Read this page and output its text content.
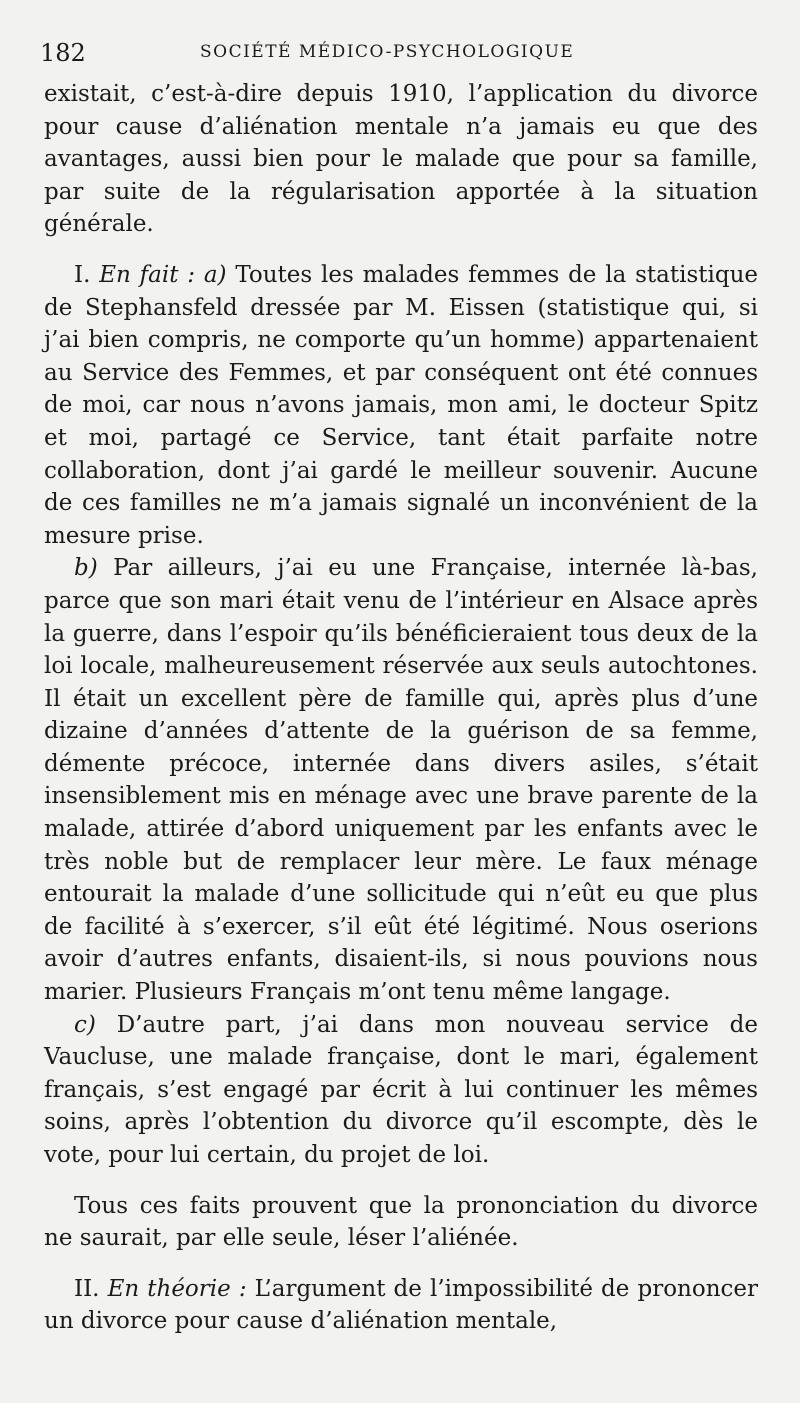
182	SOCIÉTÉ MÉDICO-PSYCHOLOGIQUE

existait, c’est-à-dire depuis 1910, l’application du divorce pour cause d’aliénation mentale n’a jamais eu que des avantages, aussi bien pour le malade que pour sa famille, par suite de la régularisation apportée à la situation générale.

I. En fait : a) Toutes les malades femmes de la statistique de Stephansfeld dressée par M. Eissen (statistique qui, si j’ai bien compris, ne comporte qu’un homme) appartenaient au Service des Femmes, et par conséquent ont été connues de moi, car nous n’avons jamais, mon ami, le docteur Spitz et moi, partagé ce Service, tant était parfaite notre collaboration, dont j’ai gardé le meilleur souvenir. Aucune de ces familles ne m’a jamais signalé un inconvénient de la mesure prise.

b) Par ailleurs, j’ai eu une Française, internée là-bas, parce que son mari était venu de l’intérieur en Alsace après la guerre, dans l’espoir qu’ils bénéficieraient tous deux de la loi locale, malheureusement réservée aux seuls autochtones. Il était un excellent père de famille qui, après plus d’une dizaine d’années d’attente de la guérison de sa femme, démente précoce, internée dans divers asiles, s’était insensiblement mis en ménage avec une brave parente de la malade, attirée d’abord uniquement par les enfants avec le très noble but de remplacer leur mère. Le faux ménage entourait la malade d’une sollicitude qui n’eût eu que plus de facilité à s’exercer, s’il eût été légitimé. Nous oserions avoir d’autres enfants, disaient-ils, si nous pouvions nous marier. Plusieurs Français m’ont tenu même langage.

c) D’autre part, j’ai dans mon nouveau service de Vaucluse, une malade française, dont le mari, également français, s’est engagé par écrit à lui continuer les mêmes soins, après l’obtention du divorce qu’il escompte, dès le vote, pour lui certain, du projet de loi.

Tous ces faits prouvent que la prononciation du divorce ne saurait, par elle seule, léser l’aliénée.

II. En théorie : L’argument de l’impossibilité de prononcer un divorce pour cause d’aliénation mentale,
